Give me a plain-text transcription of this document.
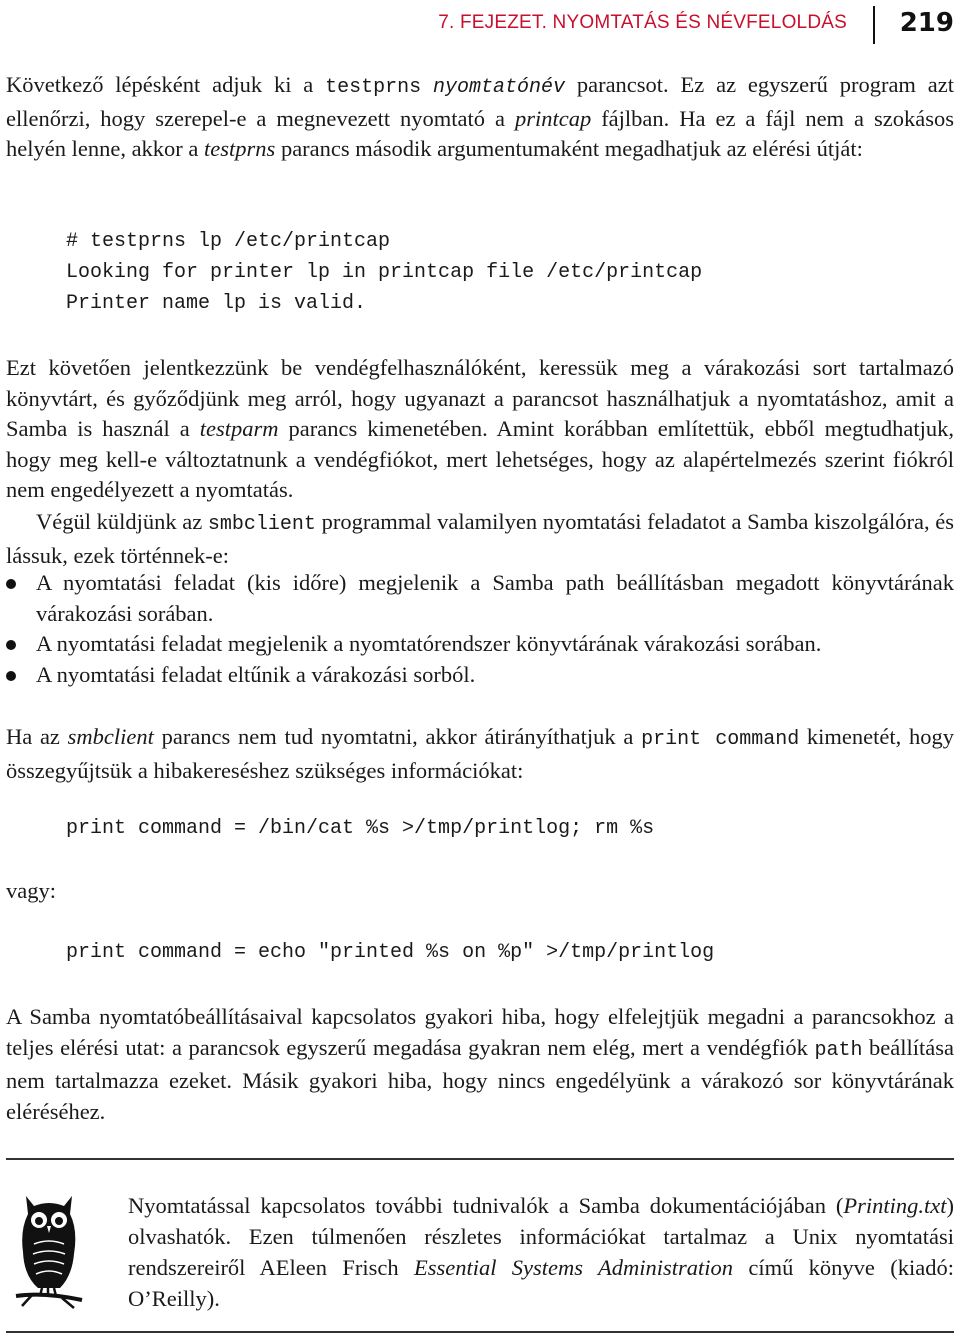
7. FEJEZET. NYOMTATÁS ÉS NÉVFELOLDÁS 219

Következő lépésként adjuk ki a testprns nyomtatónév parancsot. Ez az egyszerű program azt ellenőrzi, hogy szerepel-e a megnevezett nyomtató a printcap fájlban. Ha ez a fájl nem a szokásos helyén lenne, akkor a testprns parancs második argumentumaként megadhatjuk az elérési útját:

# testprns lp /etc/printcap
Looking for printer lp in printcap file /etc/printcap
Printer name lp is valid.

Ezt követően jelentkezzünk be vendégfelhasználóként, keressük meg a várakozási sort tartalmazó könyvtárt, és győződjünk meg arról, hogy ugyanazt a parancsot használhatjuk a nyomtatáshoz, amit a Samba is használ a testparm parancs kimenetében. Amint korábban említettük, ebből megtudhatjuk, hogy meg kell-e változtatnunk a vendégfiókot, mert lehetséges, hogy az alapértelmezés szerint fiókról nem engedélyezett a nyomtatás.

Végül küldjünk az smbclient programmal valamilyen nyomtatási feladatot a Samba kiszolgálóra, és lássuk, ezek történnek-e:

A nyomtatási feladat (kis időre) megjelenik a Samba path beállításban megadott könyvtárának várakozási sorában.
A nyomtatási feladat megjelenik a nyomtatórendszer könyvtárának várakozási sorában.
A nyomtatási feladat eltűnik a várakozási sorból.

Ha az smbclient parancs nem tud nyomtatni, akkor átirányíthatjuk a print command kimenetét, hogy összegyűjtsük a hibakereséshez szükséges információkat:

print command = /bin/cat %s >/tmp/printlog; rm %s

vagy:

print command = echo "printed %s on %p" >/tmp/printlog

A Samba nyomtatóbeállításaival kapcsolatos gyakori hiba, hogy elfelejtjük megadni a parancsokhoz a teljes elérési utat: a parancsok egyszerű megadása gyakran nem elég, mert a vendégfiók path beállítása nem tartalmazza ezeket. Másik gyakori hiba, hogy nincs engedélyünk a várakozó sor könyvtárának eléréséhez.

Nyomtatással kapcsolatos további tudnivalók a Samba dokumentációjában (Printing.txt) olvashatók. Ezen túlmenően részletes információkat tartalmaz a Unix nyomtatási rendszereiről AEleen Frisch Essential Systems Administration című könyve (kiadó: O’Reilly).
